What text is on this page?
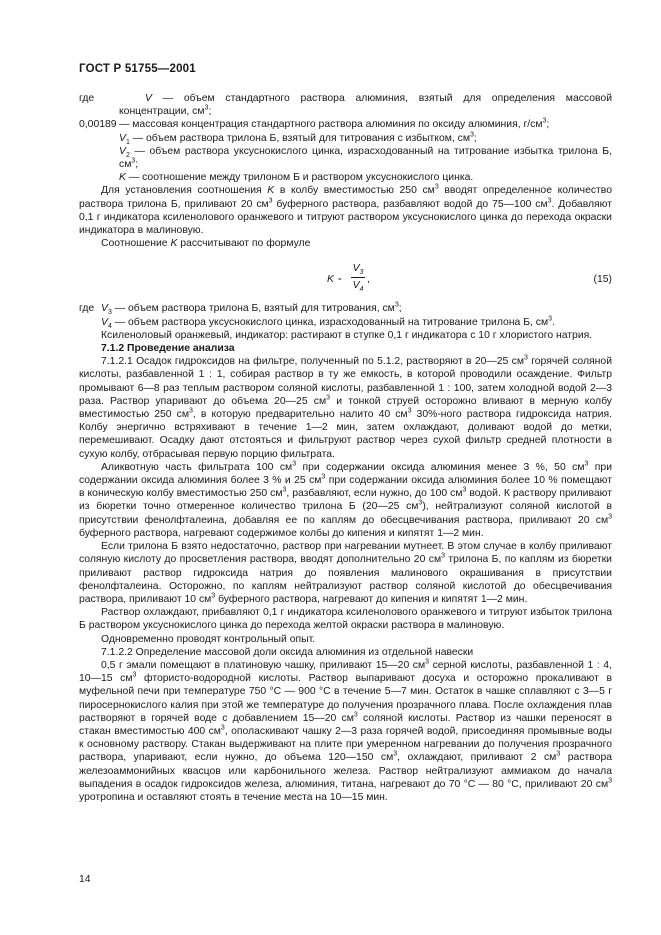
ГОСТ Р 51755—2001

где	V — объем стандартного раствора алюминия, взятый для определения массовой концентрации, $см^3$;

0,00189 — массовая концентрация стандартного раствора алюминия по оксиду алюминия, $г/см^3$;

$V_1$ — объем раствора трилона Б, взятый для титрования с избытком, $см^3$;

$V_2$ — объем раствора уксуснокислого цинка, израсходованный на титрование избытка трилона Б, $см^3$;

K — соотношение между трилоном Б и раствором уксуснокислого цинка.

Для установления соотношения K в колбу вместимостью 250 $см^3$ вводят определенное количество раствора трилона Б, приливают 20 $см^3$ буферного раствора, разбавляют водой до 75—100 $см^3$. Добавляют 0,1 г индикатора ксиленолового оранжевого и титруют раствором уксуснокислого цинка до перехода окраски индикатора в малиновую.

Соотношение K рассчитывают по формуле

K =
$V_3$
$V_4$
,	(15)

где $V_3$ — объем раствора трилона Б, взятый для титрования, $см^3$;

$V_4$ — объем раствора уксуснокислого цинка, израсходованный на титрование трилона Б, $см^3$.

Ксиленоловый оранжевый, индикатор: растирают в ступке 0,1 г индикатора с 10 г хлористого натрия.

7.1.2 Проведение анализа

7.1.2.1 Осадок гидроксидов на фильтре, полученный по 5.1.2, растворяют в 20—25 $см^3$ горячей соляной кислоты, разбавленной 1 : 1, собирая раствор в ту же емкость, в которой проводили осаждение. Фильтр промывают 6—8 раз теплым раствором соляной кислоты, разбавленной 1 : 100, затем холодной водой 2—3 раза. Раствор упаривают до объема 20—25 $см^3$ и тонкой струей осторожно вливают в мерную колбу вместимостью 250 $см^3$, в которую предварительно налито 40 $см^3$ 30%-ного раствора гидроксида натрия. Колбу энергично встряхивают в течение 1—2 мин, затем охлаждают, доливают водой до метки, перемешивают. Осадку дают отстояться и фильтруют раствор через сухой фильтр средней плотности в сухую колбу, отбрасывая первую порцию фильтрата.

Аликвотную часть фильтрата 100 $см^3$ при содержании оксида алюминия менее 3 %, 50 $см^3$ при содержании оксида алюминия более 3 % и 25 $см^3$ при содержании оксида алюминия более 10 % помещают в коническую колбу вместимостью 250 $см^3$, разбавляют, если нужно, до 100 $см^3$ водой. К раствору приливают из бюретки точно отмеренное количество трилона Б (20—25 $см^3$), нейтрализуют соляной кислотой в присутствии фенолфталеина, добавляя ее по каплям до обесцвечивания раствора, приливают 20 $см^3$ буферного раствора, нагревают содержимое колбы до кипения и кипятят 1—2 мин.

Если трилона Б взято недостаточно, раствор при нагревании мутнеет. В этом случае в колбу приливают соляную кислоту до просветления раствора, вводят дополнительно 20 $см^3$ трилона Б, по каплям из бюретки приливают раствор гидроксида натрия до появления малинового окрашивания в присутствии фенолфталеина. Осторожно, по каплям нейтрализуют раствор соляной кислотой до обесцвечивания раствора, приливают 10 $см^3$ буферного раствора, нагревают до кипения и кипятят 1—2 мин.

Раствор охлаждают, прибавляют 0,1 г индикатора ксиленолового оранжевого и титруют избыток трилона Б раствором уксуснокислого цинка до перехода желтой окраски раствора в малиновую.

Одновременно проводят контрольный опыт.

7.1.2.2 Определение массовой доли оксида алюминия из отдельной навески

0,5 г эмали помещают в платиновую чашку, приливают 15—20 $см^3$ серной кислоты, разбавленной 1 : 4, 10—15 $см^3$ фтористо-водородной кислоты. Раствор выпаривают досуха и осторожно прокаливают в муфельной печи при температуре 750 °С — 900 °С в течение 5—7 мин. Остаток в чашке сплавляют с 3—5 г пиросернокислого калия при этой же температуре до получения прозрачного плава. После охлаждения плав растворяют в горячей воде с добавлением 15—20 $см^3$ соляной кислоты. Раствор из чашки переносят в стакан вместимостью 400 $см^3$, ополаскивают чашку 2—3 раза горячей водой, присоединяя промывные воды к основному раствору. Стакан выдерживают на плите при умеренном нагревании до получения прозрачного раствора, упаривают, если нужно, до объема 120—150 $см^3$, охлаждают, приливают 2 $см^3$ раствора железоаммонийных квасцов или карбонильного железа. Раствор нейтрализуют аммиаком до начала выпадения в осадок гидроксидов железа, алюминия, титана, нагревают до 70 °С — 80 °С, приливают 20 $см^3$ уротропина и оставляют стоять в течение места на 10—15 мин.

14
